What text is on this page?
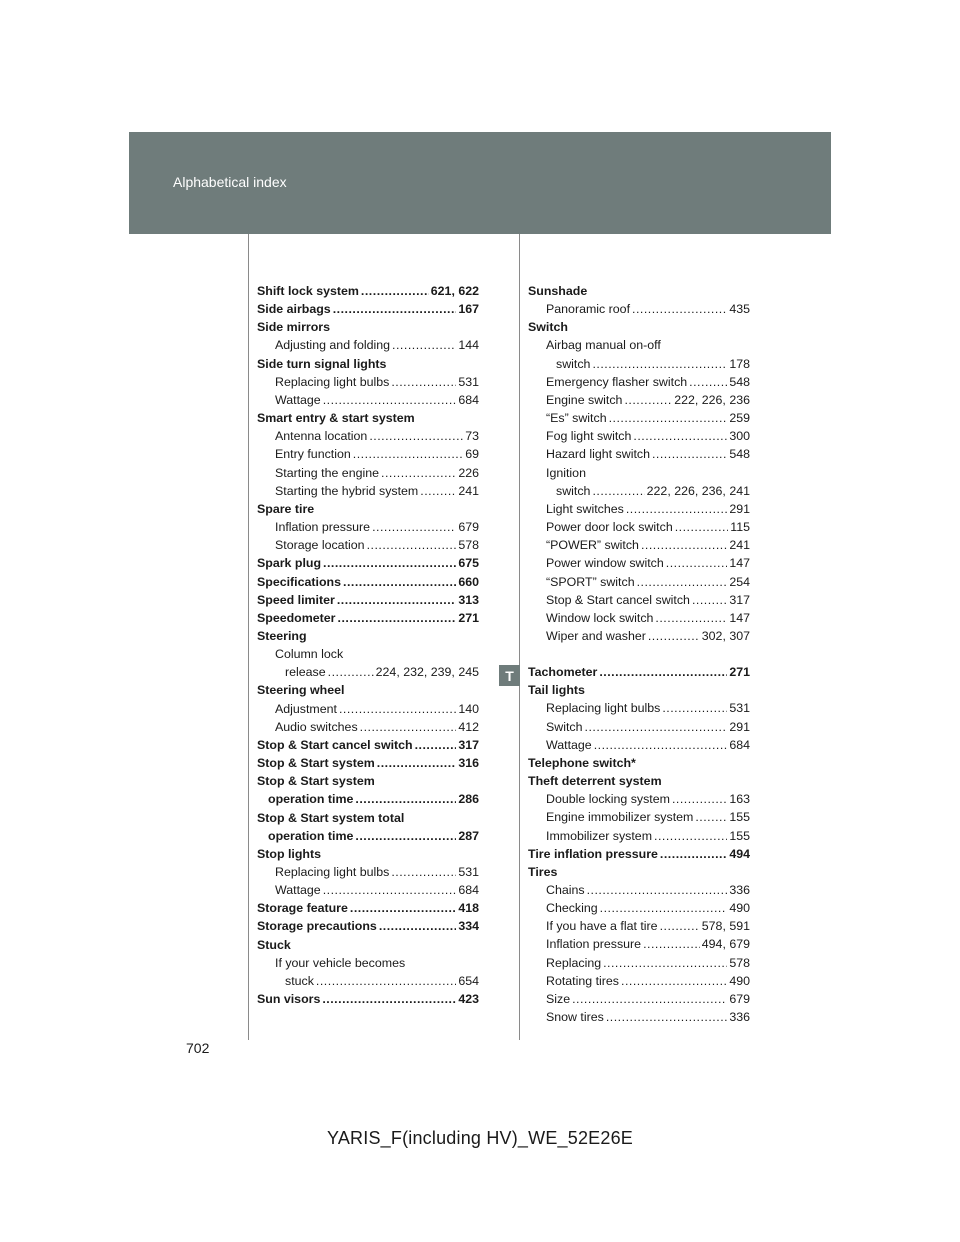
Alphabetical index
Shift lock system .....	621, 622
Side airbags .....	167
Side mirrors
Adjusting and folding .....	144
Side turn signal lights
Replacing light bulbs .....	531
Wattage .....	684
Smart entry & start system
Antenna location .....	73
Entry function .....	69
Starting the engine .....	226
Starting the hybrid system .....	241
Spare tire
Inflation pressure .....	679
Storage location .....	578
Spark plug .....	675
Specifications .....	660
Speed limiter .....	313
Speedometer .....	271
Steering
Column lock
release .....	224, 232, 239, 245
Steering wheel
Adjustment .....	140
Audio switches .....	412
Stop & Start cancel switch .....	317
Stop & Start system .....	316
Stop & Start system
operation time .....	286
Stop & Start system total
operation time .....	287
Stop lights
Replacing light bulbs .....	531
Wattage .....	684
Storage feature .....	418
Storage precautions .....	334
Stuck
If your vehicle becomes
stuck .....	654
Sun visors .....	423
Sunshade
Panoramic roof .....	435
Switch
Airbag manual on-off
switch .....	178
Emergency flasher switch .....	548
Engine switch .....	222, 226, 236
“Es” switch .....	259
Fog light switch .....	300
Hazard light switch .....	548
Ignition
switch .....	222, 226, 236, 241
Light switches .....	291
Power door lock switch .....	115
“POWER” switch .....	241
Power window switch .....	147
“SPORT” switch .....	254
Stop & Start cancel switch .....	317
Window lock switch .....	147
Wiper and washer .....	302, 307
Tachometer .....	271
Tail lights
Replacing light bulbs .....	531
Switch .....	291
Wattage .....	684
Telephone switch*
Theft deterrent system
Double locking system .....	163
Engine immobilizer system .....	155
Immobilizer system .....	155
Tire inflation pressure .....	494
Tires
Chains .....	336
Checking .....	490
If you have a flat tire .....	578, 591
Inflation pressure .....	494, 679
Replacing .....	578
Rotating tires .....	490
Size .....	679
Snow tires .....	336
T
702
YARIS_F(including HV)_WE_52E26E
